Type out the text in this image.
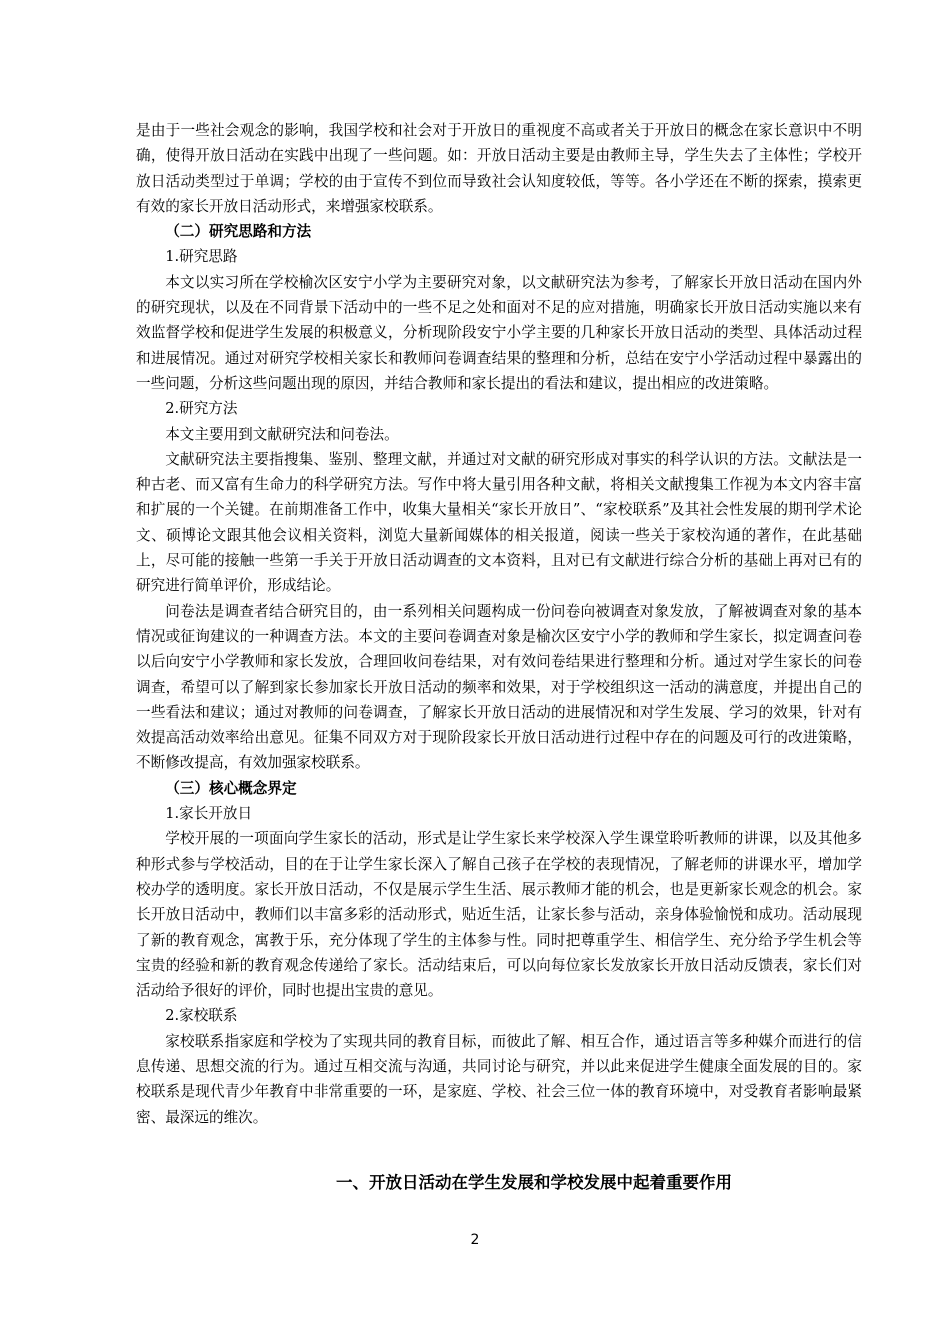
是由于一些社会观念的影响，我国学校和社会对于开放日的重视度不高或者关于开放日的概念在家长意识中不明确，使得开放日活动在实践中出现了一些问题。如：开放日活动主要是由教师主导，学生失去了主体性；学校开放日活动类型过于单调；学校的由于宣传不到位而导致社会认知度较低，等等。各小学还在不断的探索，摸索更有效的家长开放日活动形式，来增强家校联系。

（二）研究思路和方法

1.研究思路

本文以实习所在学校榆次区安宁小学为主要研究对象，以文献研究法为参考，了解家长开放日活动在国内外的研究现状，以及在不同背景下活动中的一些不足之处和面对不足的应对措施，明确家长开放日活动实施以来有效监督学校和促进学生发展的积极意义，分析现阶段安宁小学主要的几种家长开放日活动的类型、具体活动过程和进展情况。通过对研究学校相关家长和教师问卷调查结果的整理和分析，总结在安宁小学活动过程中暴露出的一些问题，分析这些问题出现的原因，并结合教师和家长提出的看法和建议，提出相应的改进策略。

2.研究方法

本文主要用到文献研究法和问卷法。

文献研究法主要指搜集、鉴别、整理文献，并通过对文献的研究形成对事实的科学认识的方法。文献法是一种古老、而又富有生命力的科学研究方法。写作中将大量引用各种文献，将相关文献搜集工作视为本文内容丰富和扩展的一个关键。在前期准备工作中，收集大量相关“家长开放日”、“家校联系”及其社会性发展的期刊学术论文、硕博论文跟其他会议相关资料，浏览大量新闻媒体的相关报道，阅读一些关于家校沟通的著作，在此基础上，尽可能的接触一些第一手关于开放日活动调查的文本资料，且对已有文献进行综合分析的基础上再对已有的研究进行简单评价，形成结论。

问卷法是调查者结合研究目的，由一系列相关问题构成一份问卷向被调查对象发放，了解被调查对象的基本情况或征询建议的一种调查方法。本文的主要问卷调查对象是榆次区安宁小学的教师和学生家长，拟定调查问卷以后向安宁小学教师和家长发放，合理回收问卷结果，对有效问卷结果进行整理和分析。通过对学生家长的问卷调查，希望可以了解到家长参加家长开放日活动的频率和效果，对于学校组织这一活动的满意度，并提出自己的一些看法和建议；通过对教师的问卷调查，了解家长开放日活动的进展情况和对学生发展、学习的效果，针对有效提高活动效率给出意见。征集不同双方对于现阶段家长开放日活动进行过程中存在的问题及可行的改进策略，不断修改提高，有效加强家校联系。

（三）核心概念界定

1.家长开放日

学校开展的一项面向学生家长的活动，形式是让学生家长来学校深入学生课堂聆听教师的讲课，以及其他多种形式参与学校活动，目的在于让学生家长深入了解自己孩子在学校的表现情况，了解老师的讲课水平，增加学校办学的透明度。家长开放日活动，不仅是展示学生生活、展示教师才能的机会，也是更新家长观念的机会。家长开放日活动中，教师们以丰富多彩的活动形式，贴近生活，让家长参与活动，亲身体验愉悦和成功。活动展现了新的教育观念，寓教于乐，充分体现了学生的主体参与性。同时把尊重学生、相信学生、充分给予学生机会等宝贵的经验和新的教育观念传递给了家长。活动结束后，可以向每位家长发放家长开放日活动反馈表，家长们对活动给予很好的评价，同时也提出宝贵的意见。

2.家校联系

家校联系指家庭和学校为了实现共同的教育目标，而彼此了解、相互合作，通过语言等多种媒介而进行的信息传递、思想交流的行为。通过互相交流与沟通，共同讨论与研究，并以此来促进学生健康全面发展的目的。家校联系是现代青少年教育中非常重要的一环，是家庭、学校、社会三位一体的教育环境中，对受教育者影响最紧密、最深远的维次。

一、开放日活动在学生发展和学校发展中起着重要作用
2
